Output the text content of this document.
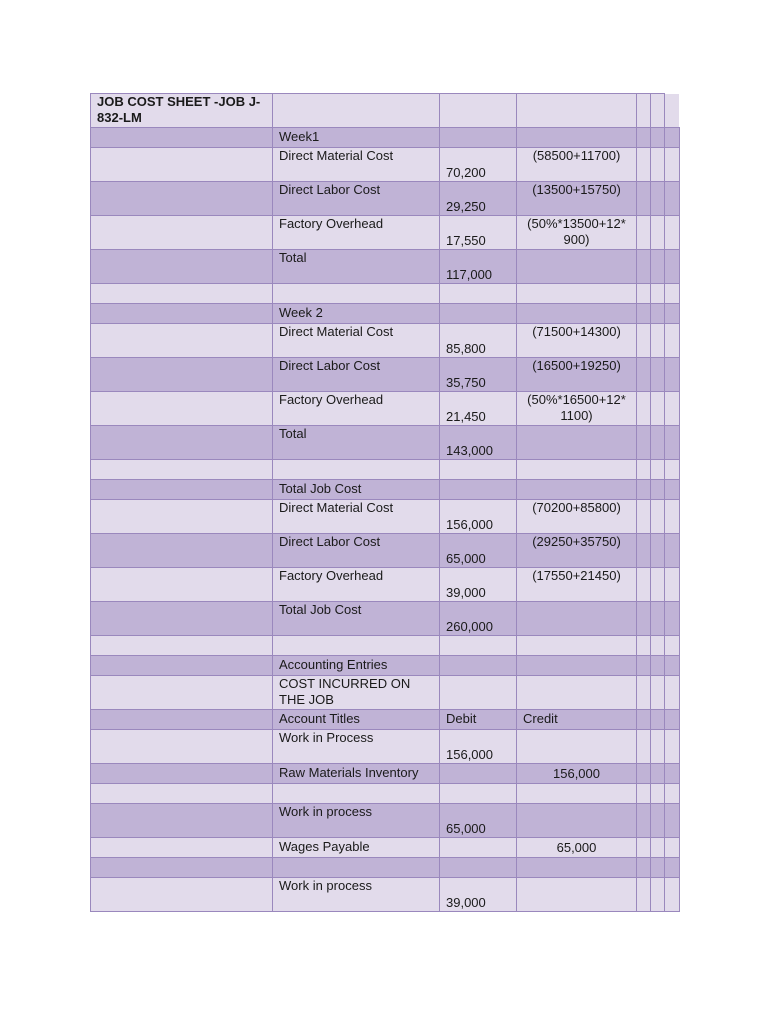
JOB COST SHEET -JOB J-832-LM						
	Week1					
	Direct Material Cost	70,200	(58500+11700)			
	Direct Labor Cost	29,250	(13500+15750)			
	Factory Overhead	17,550	(50%*13500+12* 900)			
	Total	117,000				

	Week 2					
	Direct Material Cost	85,800	(71500+14300)			
	Direct Labor Cost	35,750	(16500+19250)			
	Factory Overhead	21,450	(50%*16500+12* 1100)			
	Total	143,000				

	Total Job Cost					
	Direct Material Cost	156,000	(70200+85800)			
	Direct Labor Cost	65,000	(29250+35750)			
	Factory Overhead	39,000	(17550+21450)			
	Total Job Cost	260,000				

	Accounting Entries					
	COST INCURRED ON THE JOB					
	Account Titles	Debit	Credit			
	Work in Process	156,000				
	Raw Materials Inventory		156,000			

	Work in process	65,000				
	Wages Payable		65,000			

	Work in process	39,000				
